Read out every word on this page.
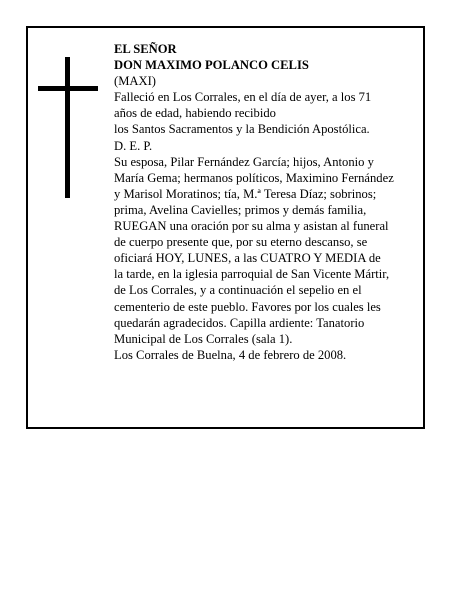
EL SEÑOR
DON MAXIMO POLANCO CELIS
(MAXI)
Falleció en Los Corrales, en el día de ayer, a los 71
años de edad, habiendo recibido
los Santos Sacramentos y la Bendición Apostólica.
D. E. P.
Su esposa, Pilar Fernández García; hijos, Antonio y
María Gema; hermanos políticos, Maximino Fernández
y Marisol Moratinos; tía, M.ª Teresa Díaz; sobrinos;
prima, Avelina Cavielles; primos y demás familia,
RUEGAN una oración por su alma y asistan al funeral
de cuerpo presente que, por su eterno descanso, se
oficiará HOY, LUNES, a las CUATRO Y MEDIA de
la tarde, en la iglesia parroquial de San Vicente Mártir,
de Los Corrales, y a continuación el sepelio en el
cementerio de este pueblo. Favores por los cuales les
quedarán agradecidos. Capilla ardiente: Tanatorio
Municipal de Los Corrales (sala 1).
Los Corrales de Buelna, 4 de febrero de 2008.
